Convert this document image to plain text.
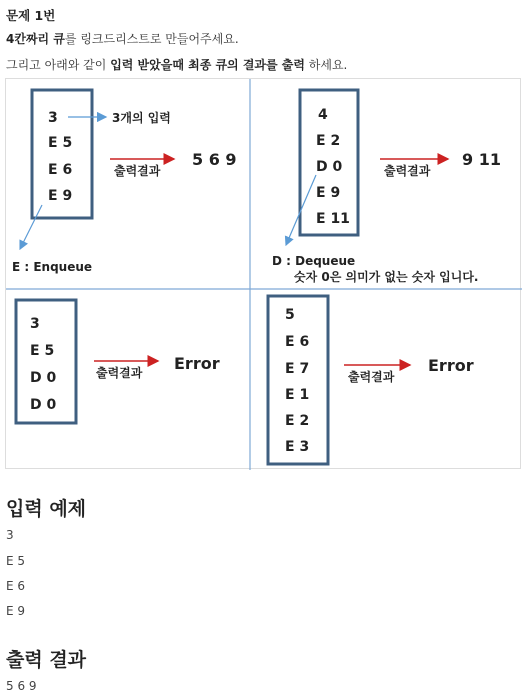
문제 1번
4칸짜리 큐를 링크드리스트로 만들어주세요.
그리고 아래와 같이 입력 받았을때 최종 큐의 결과를 출력 하세요.
3
E 5
E 6
E 9
3개의 입력
출력결과
5 6 9
E : Enqueue
4
E 2
D 0
E 9
E 11
출력결과
9 11
D : Dequeue
숫자 0은 의미가 없는 숫자 입니다.
3
E 5
D 0
D 0
출력결과 Error
5
E 6
E 7
E 1
E 2
E 3
출력결과
Error
입력 예제
3
E 5
E 6
E 9
출력 결과
5 6 9
